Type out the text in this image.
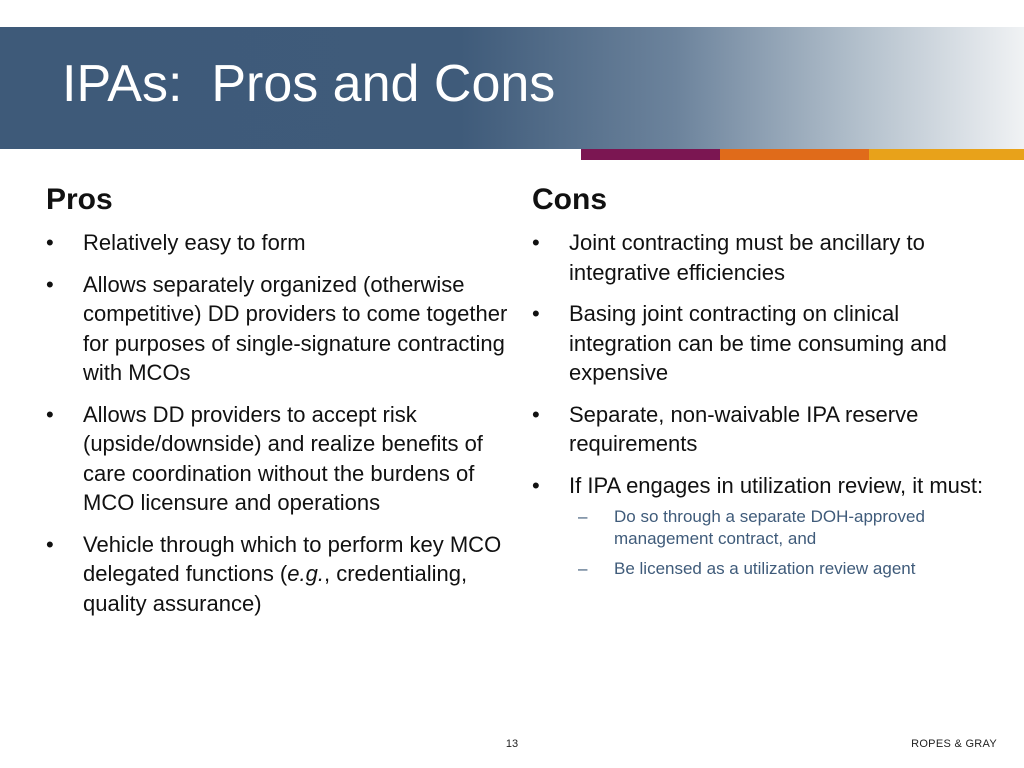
IPAs: Pros and Cons
Pros
•	Relatively easy to form
•	Allows separately organized (otherwise competitive) DD providers to come together for purposes of single-signature contracting with MCOs
•	Allows DD providers to accept risk (upside/downside) and realize benefits of care coordination without the burdens of MCO licensure and operations
•	Vehicle through which to perform key MCO delegated functions (e.g., credentialing, quality assurance)
Cons
•	Joint contracting must be ancillary to integrative efficiencies
•	Basing joint contracting on clinical integration can be time consuming and expensive
•	Separate, non-waivable IPA reserve requirements
•	If IPA engages in utilization review, it must:
– Do so through a separate DOH-approved management contract, and
– Be licensed as a utilization review agent
13	ROPES & GRAY
